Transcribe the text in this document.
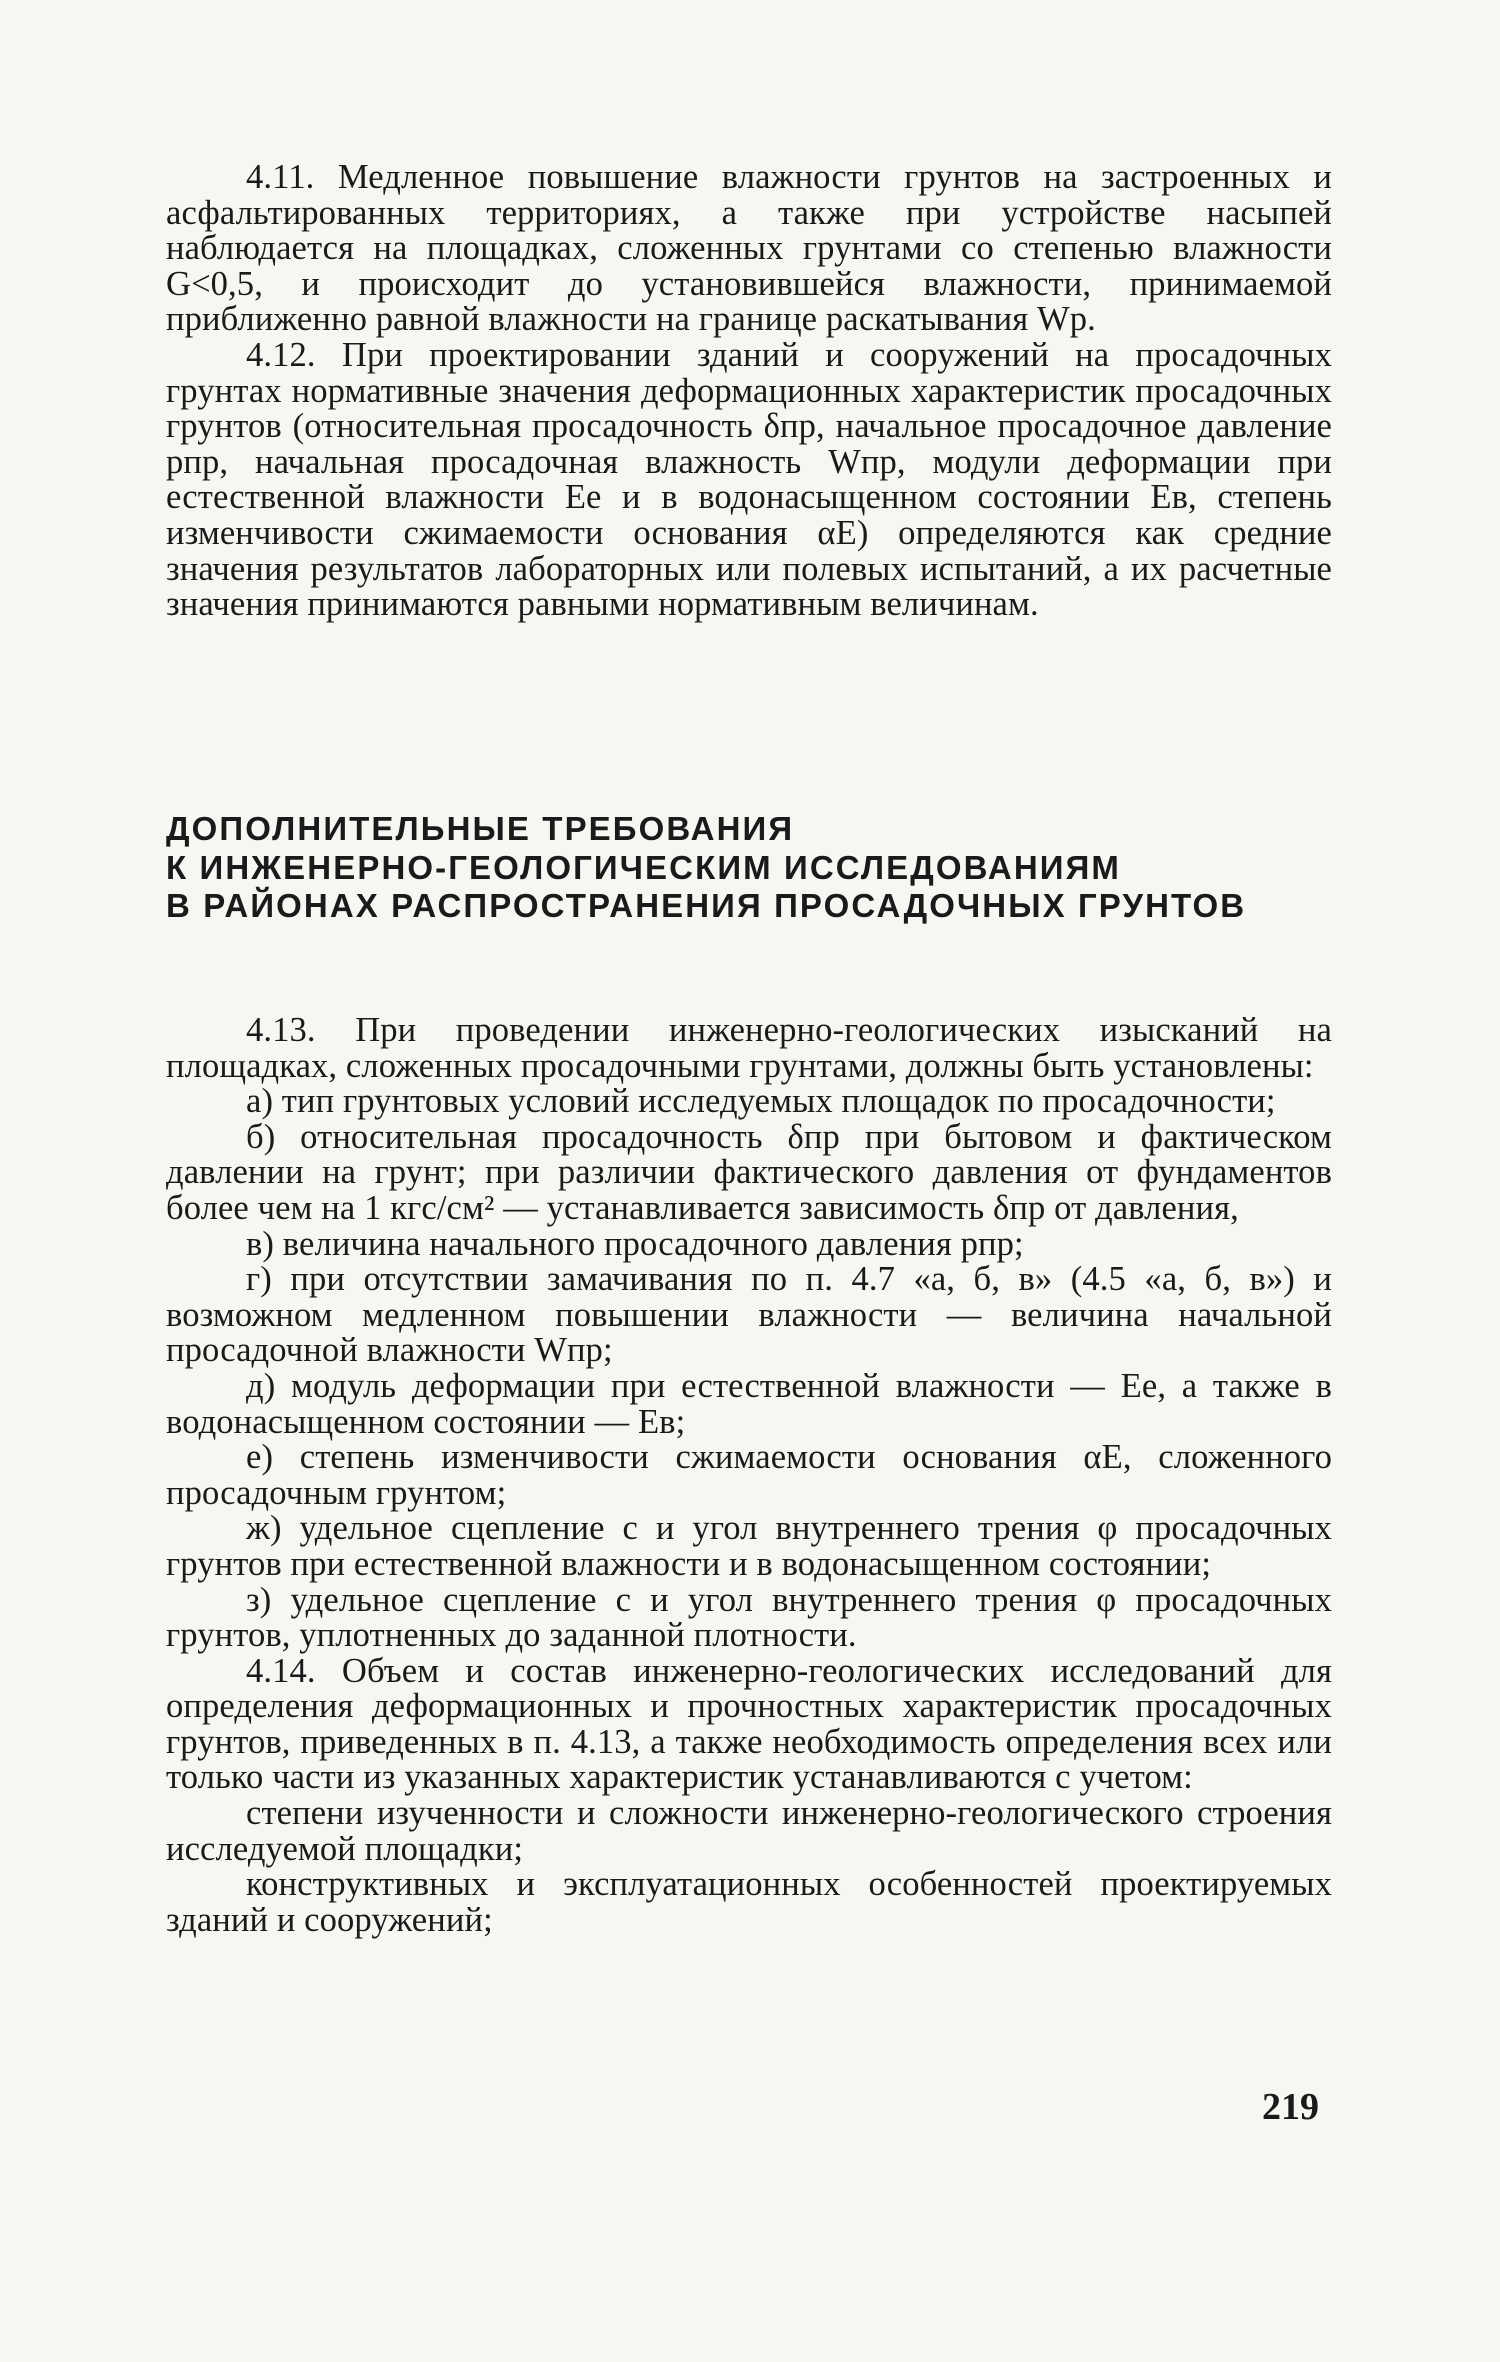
4.11. Медленное повышение влажности грунтов на застроенных и асфальтированных территориях, а также при устройстве насыпей наблюдается на площадках, сложенных грунтами со степенью влажности G<0,5, и происходит до установившейся влажности, принимаемой приближенно равной влажности на границе раскатывания Wp.

4.12. При проектировании зданий и сооружений на просадочных грунтах нормативные значения деформационных характеристик просадочных грунтов (относительная просадочность δпр, начальное просадочное давление pпр, начальная просадочная влажность Wпр, модули деформации при естественной влажности Ee и в водонасыщенном состоянии Eв, степень изменчивости сжимаемости основания αE) определяются как средние значения результатов лабораторных или полевых испытаний, а их расчетные значения принимаются равными нормативным величинам.

ДОПОЛНИТЕЛЬНЫЕ ТРЕБОВАНИЯ
К ИНЖЕНЕРНО-ГЕОЛОГИЧЕСКИМ ИССЛЕДОВАНИЯМ
В РАЙОНАХ РАСПРОСТРАНЕНИЯ ПРОСАДОЧНЫХ ГРУНТОВ

4.13. При проведении инженерно-геологических изысканий на площадках, сложенных просадочными грунтами, должны быть установлены:

а) тип грунтовых условий исследуемых площадок по просадочности;

б) относительная просадочность δпр при бытовом и фактическом давлении на грунт; при различии фактического давления от фундаментов более чем на 1 кгс/см² — устанавливается зависимость δпр от давления,

в) величина начального просадочного давления pпр;

г) при отсутствии замачивания по п. 4.7 «а, б, в» (4.5 «а, б, в») и возможном медленном повышении влажности — величина начальной просадочной влажности Wпр;

д) модуль деформации при естественной влажности — Ee, а также в водонасыщенном состоянии — Eв;

е) степень изменчивости сжимаемости основания αE, сложенного просадочным грунтом;

ж) удельное сцепление c и угол внутреннего трения φ просадочных грунтов при естественной влажности и в водонасыщенном состоянии;

з) удельное сцепление c и угол внутреннего трения φ просадочных грунтов, уплотненных до заданной плотности.

4.14. Объем и состав инженерно-геологических исследований для определения деформационных и прочностных характеристик просадочных грунтов, приведенных в п. 4.13, а также необходимость определения всех или только части из указанных характеристик устанавливаются с учетом:

степени изученности и сложности инженерно-геологического строения исследуемой площадки;

конструктивных и эксплуатационных особенностей проектируемых зданий и сооружений;

219
